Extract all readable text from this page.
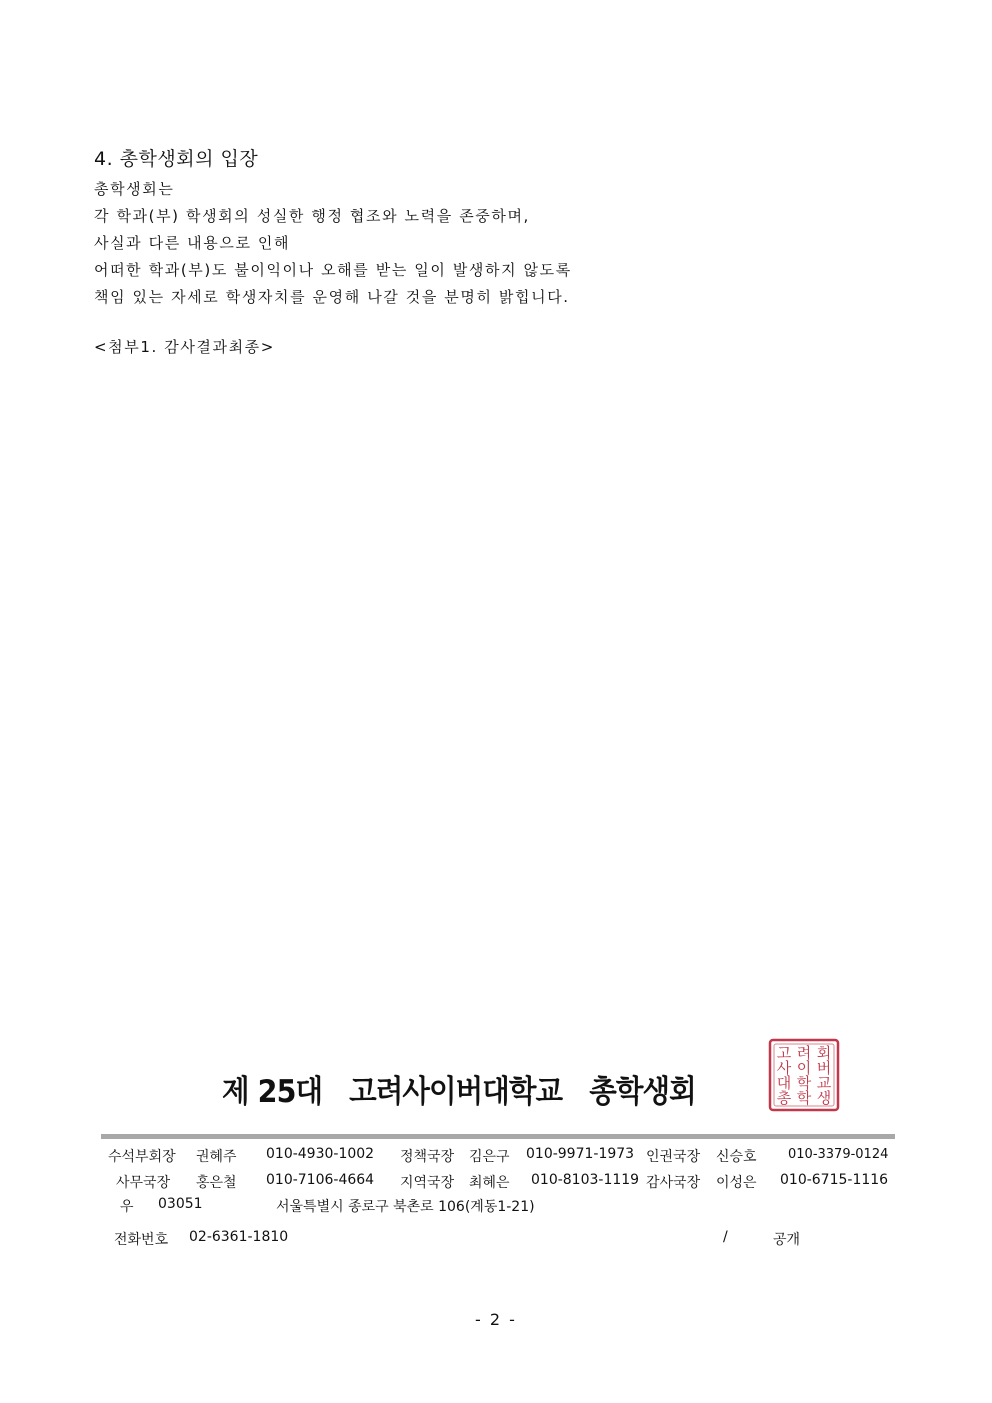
4. 총학생회의 입장
총학생회는
각 학과(부) 학생회의 성실한 행정 협조와 노력을 존중하며,
사실과 다른 내용으로 인해
어떠한 학과(부)도 불이익이나 오해를 받는 일이 발생하지 않도록
책임 있는 자세로 학생자치를 운영해 나갈 것을 분명히 밝힙니다.
<첨부1. 감사결과최종>
제 25대   고려사이버대학교   총학생회
고 려 회
사 이 버
대 학 교
총 학 생
수석부회장 권혜주 010-4930-1002 정책국장 김은구 010-9971-1973 인권국장 신승호 010-3379-0124
사무국장 홍은철 010-7106-4664 지역국장 최혜은 010-8103-1119 감사국장 이성은 010-6715-1116
우 03051	서울특별시 종로구 북촌로 106(계동1-21)
전화번호 02-6361-1810	/	공개
- 2 -
